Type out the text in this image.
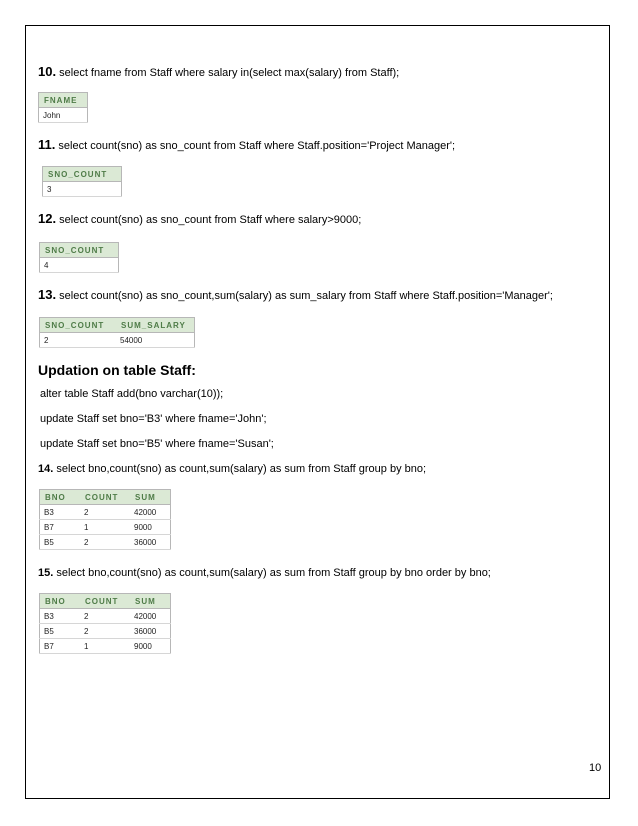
10. select fname from Staff where salary in(select max(salary) from Staff);
FNAME
John
11. select count(sno) as sno_count from Staff where Staff.position='Project Manager';
SNO_COUNT
3
12. select count(sno) as sno_count from Staff where salary>9000;
SNO_COUNT
4
13. select count(sno) as sno_count,sum(salary) as sum_salary from Staff where Staff.position='Manager';
SNO_COUNT	SUM_SALARY
2	54000
Updation on table Staff:
alter table Staff add(bno varchar(10));
update Staff set bno='B3' where fname='John';
update Staff set bno='B5' where fname='Susan';
14. select bno,count(sno) as count,sum(salary) as sum from Staff group by bno;
BNO	COUNT	SUM
B3	2	42000
B7	1	9000
B5	2	36000
15. select bno,count(sno) as count,sum(salary) as sum from Staff group by bno order by bno;
BNO	COUNT	SUM
B3	2	42000
B5	2	36000
B7	1	9000
10
